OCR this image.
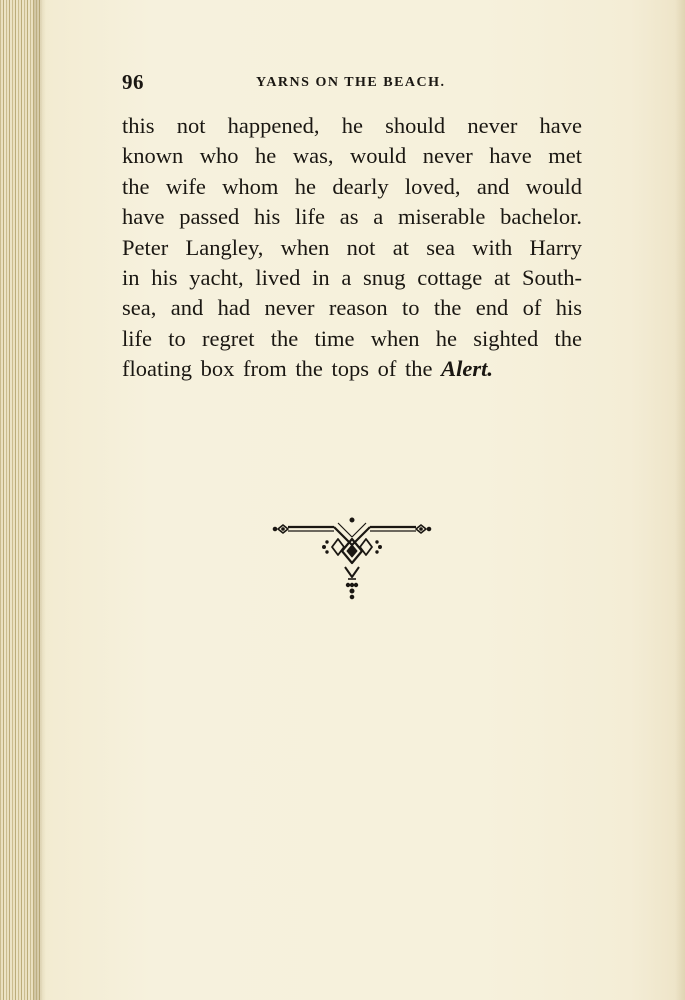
96	YARNS ON THE BEACH.
this not happened, he should never have
known who he was, would never have met
the wife whom he dearly loved, and would
have passed his life as a miserable bachelor.
Peter Langley, when not at sea with Harry
in his yacht, lived in a snug cottage at South-
sea, and had never reason to the end of his
life to regret the time when he sighted the
floating box from the tops of the Alert.
